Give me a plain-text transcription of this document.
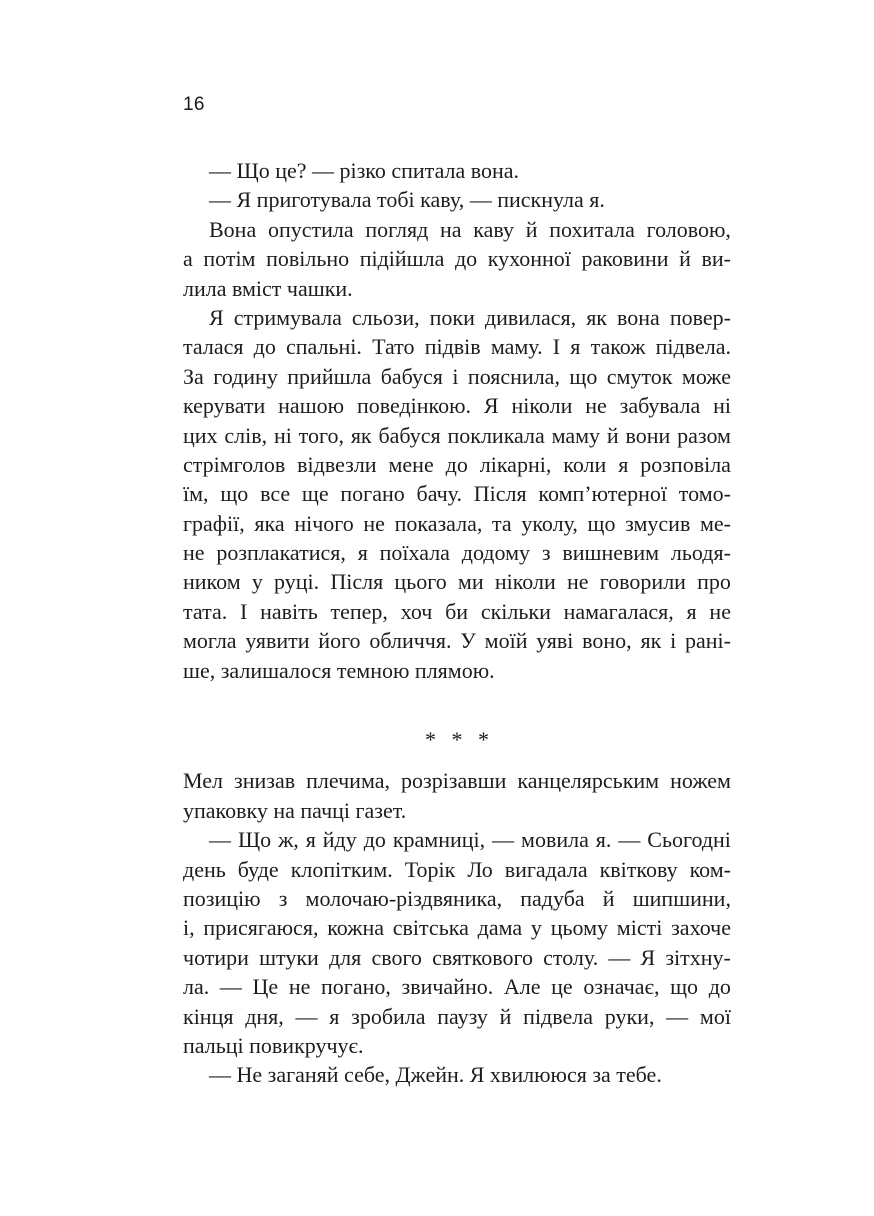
16
— Що це? — різко спитала вона.
— Я приготувала тобі каву, — пискнула я.
Вона опустила погляд на каву й похитала головою,
а потім повільно підійшла до кухонної раковини й ви-
лила вміст чашки.
Я стримувала сльози, поки дивилася, як вона повер-
талася до спальні. Тато підвів маму. І я також підвела.
За годину прийшла бабуся і пояснила, що смуток може
керувати нашою поведінкою. Я ніколи не забувала ні
цих слів, ні того, як бабуся покликала маму й вони разом
стрімголов відвезли мене до лікарні, коли я розповіла
їм, що все ще погано бачу. Після комп’ютерної томо-
графії, яка нічого не показала, та уколу, що змусив ме-
не розплакатися, я поїхала додому з вишневим льодя-
ником у руці. Після цього ми ніколи не говорили про
тата. І навіть тепер, хоч би скільки намагалася, я не
могла уявити його обличчя. У моїй уяві воно, як і рані-
ше, залишалося темною плямою.
* * *
Мел знизав плечима, розрізавши канцелярським ножем
упаковку на пачці газет.
— Що ж, я йду до крамниці, — мовила я. — Сьогодні
день буде клопітким. Торік Ло вигадала квіткову ком-
позицію з молочаю-різдвяника, падуба й шипшини,
і, присягаюся, кожна світська дама у цьому місті захоче
чотири штуки для свого святкового столу. — Я зітхну-
ла. — Це не погано, звичайно. Але це означає, що до
кінця дня, — я зробила паузу й підвела руки, — мої
пальці повикручує.
— Не заганяй себе, Джейн. Я хвилююся за тебе.
